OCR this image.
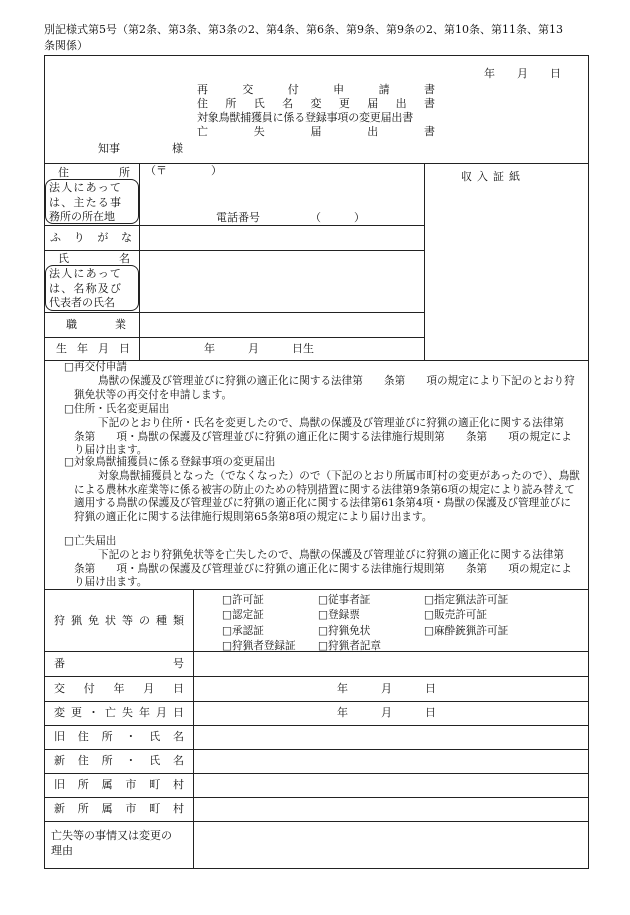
別記様式第5号（第2条、第3条、第3条の2、第4条、第6条、第9条、第9条の2、第10条、第11条、第13
条関係）
年　　月　　日
再	交	付	申	請	書
住 所 氏 名 変 更 届 出 書
対象鳥獣捕獲員に係る登録事項の変更届出書
亡	失	届	出	書
知事	様
住	所
法人にあって
は、主たる事
務所の所在地
（〒　　　　）
電話番号	（　　　）
収入証紙
ふ り が な
氏	名
法人にあって
は、名称及び
代表者の氏名
職	業
生 年 月 日	年　　　月　　　日生
□再交付申請
鳥獣の保護及び管理並びに狩猟の適正化に関する法律第　　条第　　項の規定により下記のとおり狩猟免状等の再交付を申請します。
□住所・氏名変更届出
下記のとおり住所・氏名を変更したので、鳥獣の保護及び管理並びに狩猟の適正化に関する法律第　　条第　　項・鳥獣の保護及び管理並びに狩猟の適正化に関する法律施行規則第　　条第　　項の規定により届け出ます。
□対象鳥獣捕獲員に係る登録事項の変更届出
対象鳥獣捕獲員となった（でなくなった）ので（下記のとおり所属市町村の変更があったので）、鳥獣による農林水産業等に係る被害の防止のための特別措置に関する法律第9条第6項の規定により読み替えて適用する鳥獣の保護及び管理並びに狩猟の適正化に関する法律第61条第4項・鳥獣の保護及び管理並びに狩猟の適正化に関する法律施行規則第65条第8項の規定により届け出ます。
□亡失届出
下記のとおり狩猟免状等を亡失したので、鳥獣の保護及び管理並びに狩猟の適正化に関する法律第　　条第　　項・鳥獣の保護及び管理並びに狩猟の適正化に関する法律施行規則第　　条第　　項の規定により届け出ます。
狩 猟 免 状 等 の 種 類
□許可証	□従事者証	□指定猟法許可証
□認定証	□登録票	□販売許可証
□承認証	□狩猟免状	□麻酔銃猟許可証
□狩猟者登録証 □狩猟者記章
番	号
交 付 年 月 日	年　　　月　　　日
変 更 ・ 亡 失 年 月 日	年　　　月　　　日
旧 住 所 ・ 氏 名
新 住 所 ・ 氏 名
旧 所 属 市 町 村
新 所 属 市 町 村
亡失等の事情又は変更の
理由
